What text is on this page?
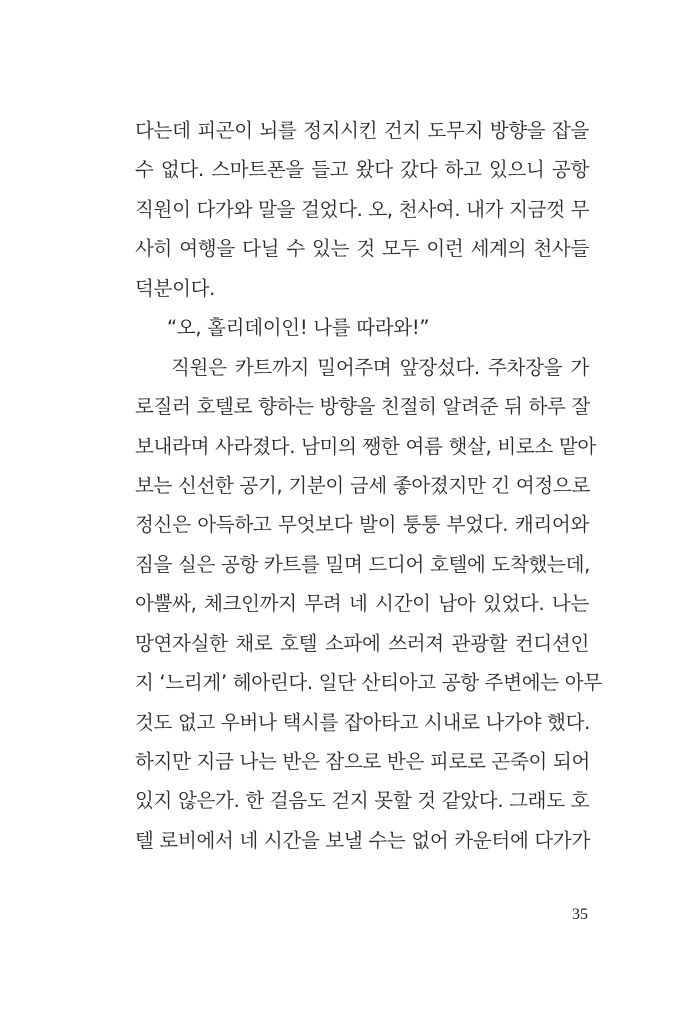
다는데 피곤이 뇌를 정지시킨 건지 도무지 방향을 잡을
수 없다. 스마트폰을 들고 왔다 갔다 하고 있으니 공항
직원이 다가와 말을 걸었다. 오, 천사여. 내가 지금껏 무
사히 여행을 다닐 수 있는 것 모두 이런 세계의 천사들
덕분이다.
“오, 홀리데이인! 나를 따라와!”
직원은 카트까지 밀어주며 앞장섰다. 주차장을 가
로질러 호텔로 향하는 방향을 친절히 알려준 뒤 하루 잘
보내라며 사라졌다. 남미의 쨍한 여름 햇살, 비로소 맡아
보는 신선한 공기, 기분이 금세 좋아졌지만 긴 여정으로
정신은 아득하고 무엇보다 발이 퉁퉁 부었다. 캐리어와
짐을 실은 공항 카트를 밀며 드디어 호텔에 도착했는데,
아뿔싸, 체크인까지 무려 네 시간이 남아 있었다. 나는
망연자실한 채로 호텔 소파에 쓰러져 관광할 컨디션인
지 ‘느리게’ 헤아린다. 일단 산티아고 공항 주변에는 아무
것도 없고 우버나 택시를 잡아타고 시내로 나가야 했다.
하지만 지금 나는 반은 잠으로 반은 피로로 곤죽이 되어
있지 않은가. 한 걸음도 걷지 못할 것 같았다. 그래도 호
텔 로비에서 네 시간을 보낼 수는 없어 카운터에 다가가
35
